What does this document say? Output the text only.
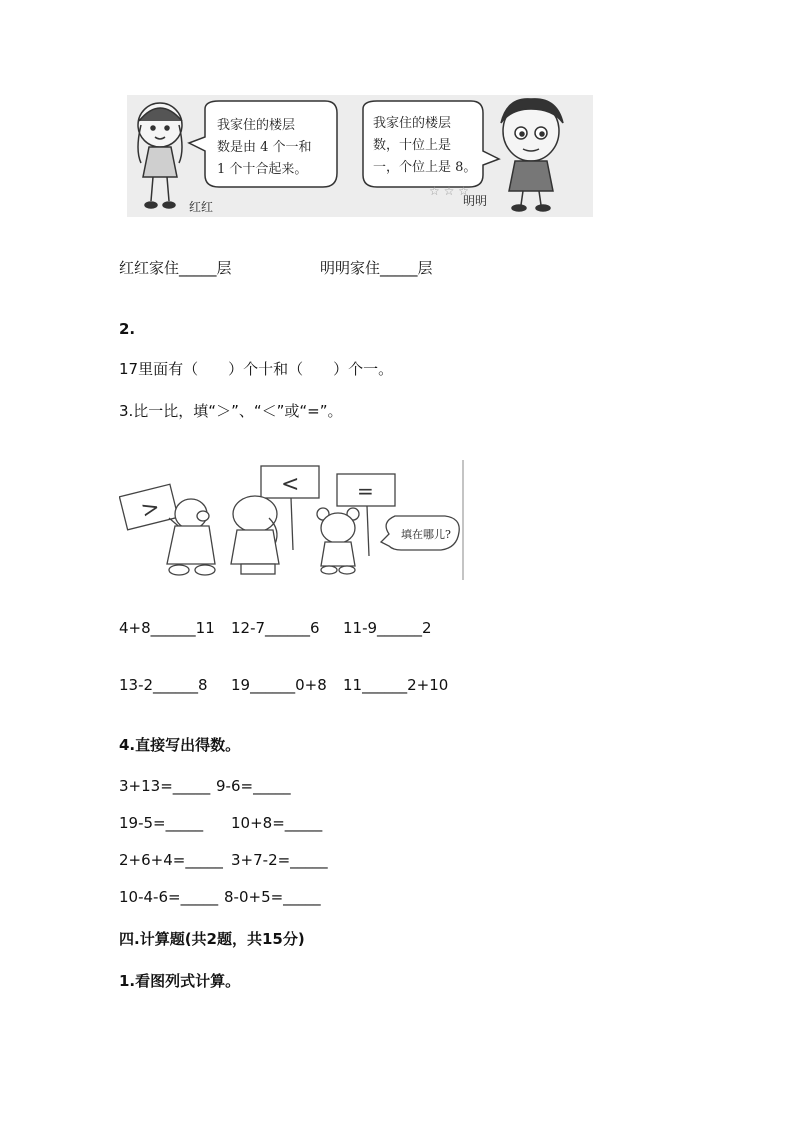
我家住的楼层
数是由 4 个一和
1 个十合起来。
我家住的楼层
数，十位上是
一，个位上是 8。
☆ ☆ ☆
红红	明明
红红家住_____层	明明家住_____层
2.
17里面有（　　）个十和（　　）个一。
3.比一比，填“＞”、“＜”或“=”。
>
<	=
填在哪儿?
4+8______11 12-7______6 11-9______2
13-2______8 19______0+8 11______2+10
4.直接写出得数。
3+13=_____ 9-6=_____
19-5=_____ 10+8=_____
2+6+4=_____ 3+7-2=_____
10-4-6=_____ 8-0+5=_____
四.计算题(共2题，共15分)
1.看图列式计算。
